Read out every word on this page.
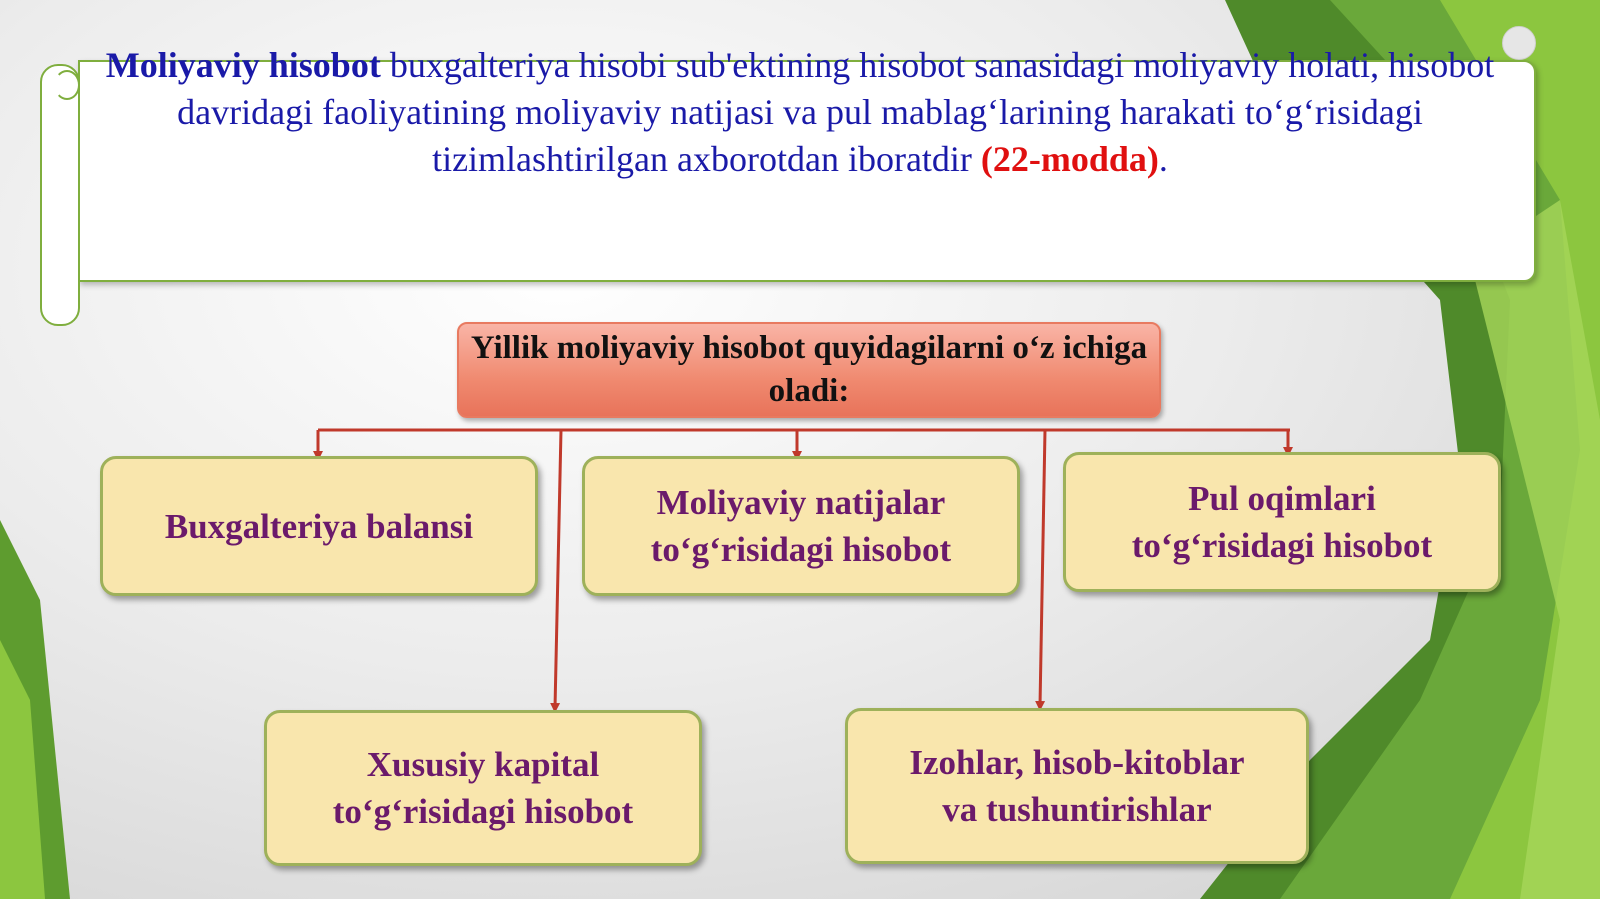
Moliyaviy hisobot buxgalteriya hisobi sub'ektining hisobot sanasidagi moliyaviy holati, hisobot davridagi faoliyatining moliyaviy natijasi va pul mablag‘larining harakati to‘g‘risidagi tizimlashtirilgan axborotdan iboratdir (22-modda).
Yillik moliyaviy hisobot quyidagilarni o‘z ichiga oladi:
Buxgalteriya balansi
Moliyaviy natijalar
to‘g‘risidagi hisobot
Pul oqimlari
to‘g‘risidagi hisobot
Xususiy kapital
to‘g‘risidagi hisobot
Izohlar, hisob-kitoblar
va tushuntirishlar
